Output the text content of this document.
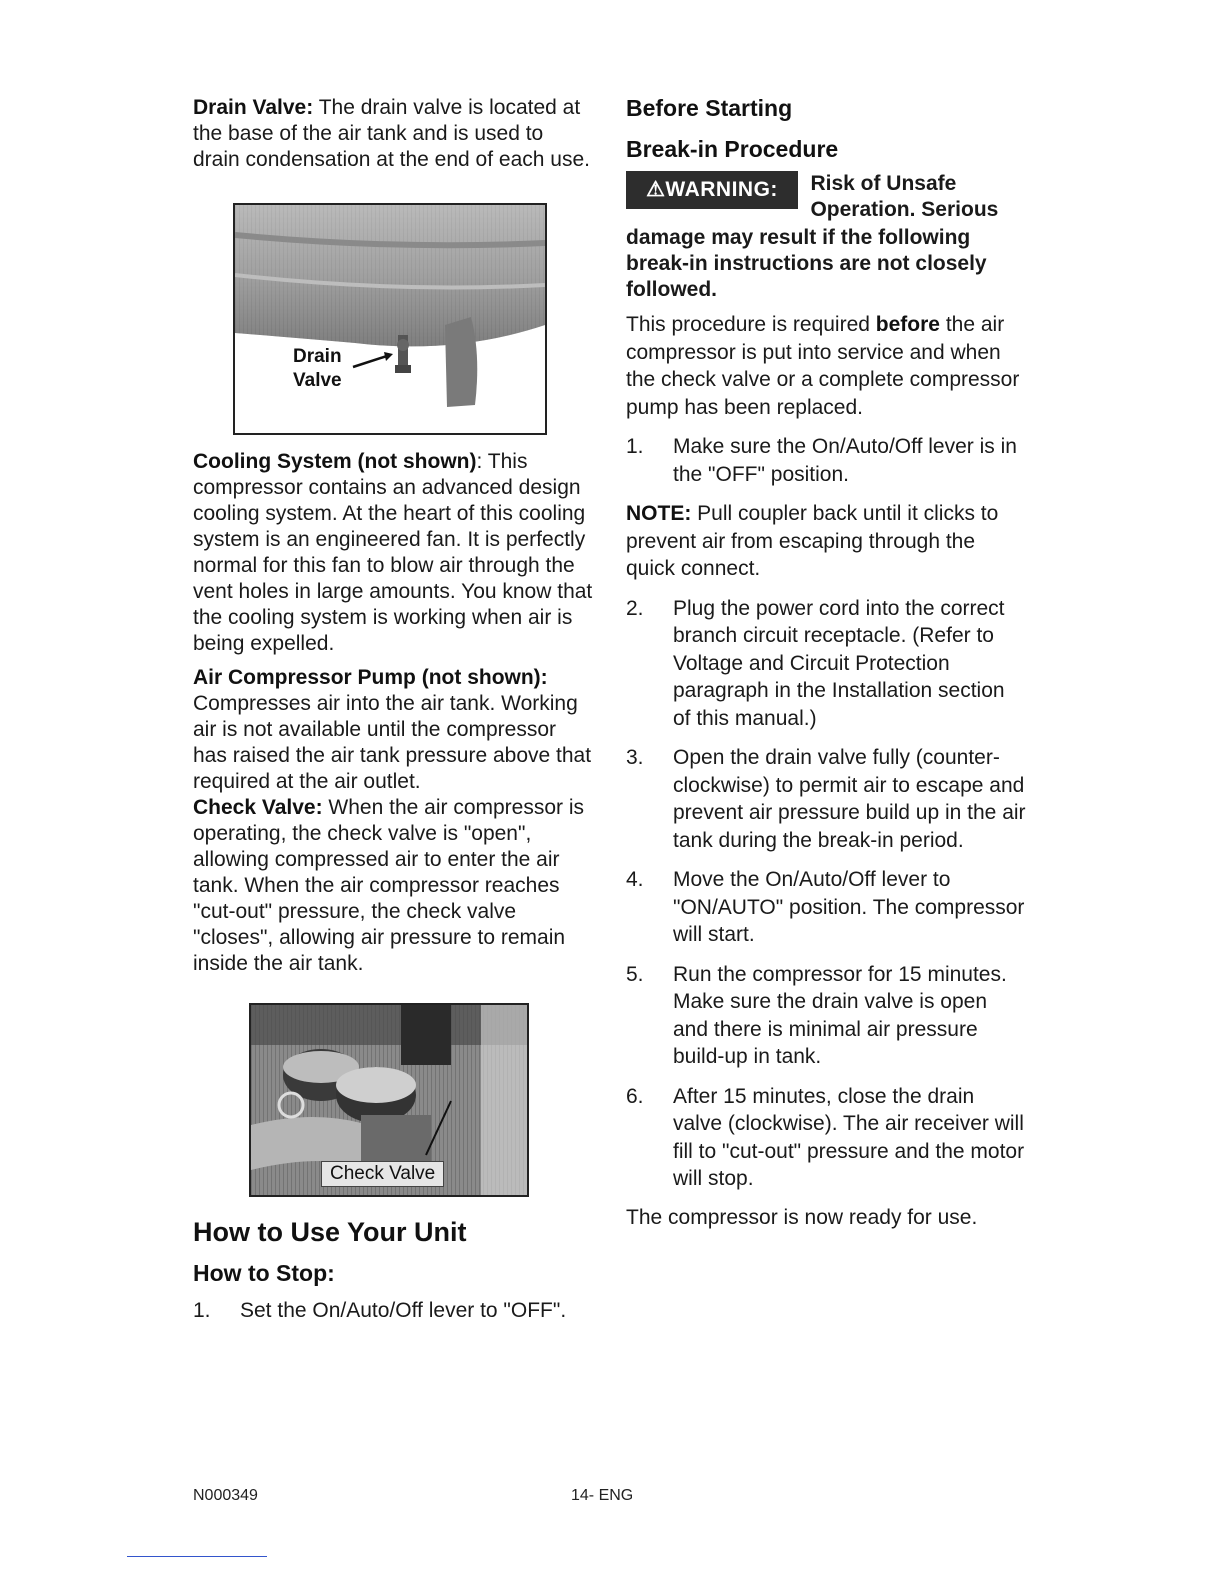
Drain Valve: The drain valve is located at the base of the air tank and is used to drain condensation at the end of each use.

Drain
Valve

Cooling System (not shown): This compressor contains an advanced design cooling system. At the heart of this cooling system is an engineered fan. It is perfectly normal for this fan to blow air through the vent holes in large amounts. You know that the cooling system is working when air is being expelled.

Air Compressor Pump (not shown): Compresses air into the air tank. Working air is not available until the compressor has raised the air tank pressure above that required at the air outlet.

Check Valve: When the air compressor is operating, the check valve is "open", allowing compressed air to enter the air tank. When the air compressor reaches "cut-out" pressure, the check valve "closes", allowing air pressure to remain inside the air tank.

Check Valve
How to Use Your Unit
How to Stop:
1. Set the On/Auto/Off lever to "OFF".
Before Starting
Break-in Procedure
⚠WARNING: Risk of Unsafe
Operation. Serious

damage may result if the following break-in instructions are not closely followed.

This procedure is required before the air compressor is put into service and when the check valve or a complete compressor pump has been replaced.

1. Make sure the On/Auto/Off lever is in the "OFF" position.

NOTE: Pull coupler back until it clicks to prevent air from escaping through the quick connect.

2. Plug the power cord into the correct branch circuit receptacle. (Refer to Voltage and Circuit Protection paragraph in the Installation section of this manual.)
3. Open the drain valve fully (counter-clockwise) to permit air to escape and prevent air pressure build up in the air tank during the break-in period.
4. Move the On/Auto/Off lever to "ON/AUTO" position. The compressor will start.
5. Run the compressor for 15 minutes. Make sure the drain valve is open and there is minimal air pressure build-up in tank.
6. After 15 minutes, close the drain valve (clockwise). The air receiver will fill to "cut-out" pressure and the motor will stop.

The compressor is now ready for use.

N000349	14- ENG
